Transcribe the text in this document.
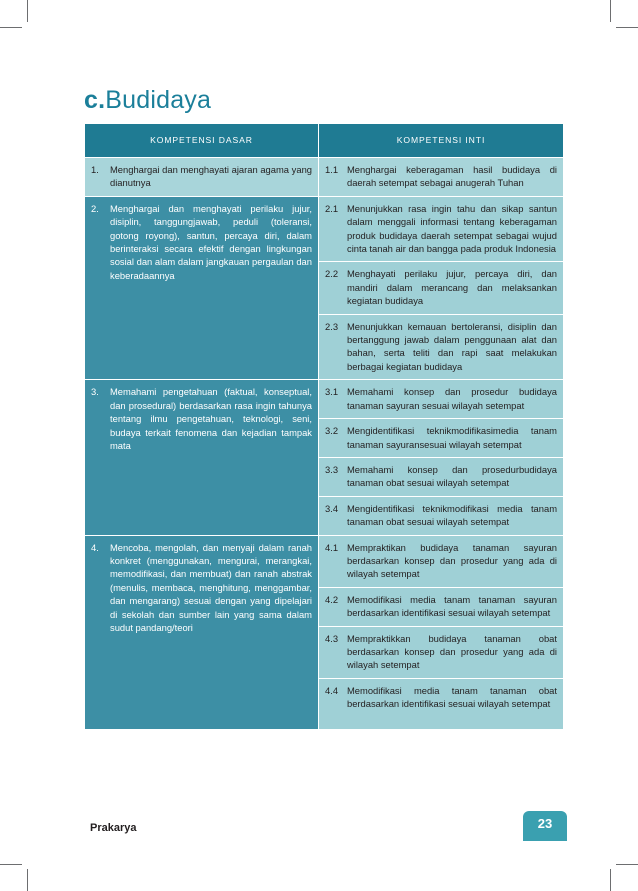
c.Budidaya
KOMPETENSI DASAR	KOMPETENSI INTI

1. Menghargai dan menghayati ajaran agama yang dianutnya	1.1 Menghargai keberagaman hasil budidaya di daerah setempat sebagai anugerah Tuhan

2. Menghargai dan menghayati perilaku jujur, disiplin, tanggungjawab, peduli (toleransi, gotong royong), santun, percaya diri, dalam berinteraksi secara efektif dengan lingkungan sosial dan alam dalam jangkauan pergaulan dan keberadaannya	2.1 Menunjukkan rasa ingin tahu dan sikap santun dalam menggali informasi tentang keberagaman produk budidaya daerah setempat sebagai wujud cinta tanah air dan bangga pada produk Indonesia

	2.2 Menghayati perilaku jujur, percaya diri, dan mandiri dalam merancang dan melaksankan kegiatan budidaya

	2.3 Menunjukkan kemauan bertoleransi, disiplin dan bertanggung jawab dalam penggunaan alat dan bahan, serta teliti dan rapi saat melakukan berbagai kegiatan budidaya

3. Memahami pengetahuan (faktual, konseptual, dan prosedural) berdasarkan rasa ingin tahunya tentang ilmu pengetahuan, teknologi, seni, budaya terkait fenomena dan kejadian tampak mata	3.1 Memahami konsep dan prosedur budidaya tanaman sayuran sesuai wilayah setempat

	3.2 Mengidentifikasi teknikmodifikasimedia tanam tanaman sayuransesuai wilayah setempat

	3.3 Memahami konsep dan prosedurbudidaya tanaman obat sesuai wilayah setempat

	3.4 Mengidentifikasi teknikmodifikasi media tanam tanaman obat sesuai wilayah setempat

4. Mencoba, mengolah, dan menyaji dalam ranah konkret (menggunakan, mengurai, merangkai, memodifikasi, dan membuat) dan ranah abstrak (menulis, membaca, menghitung, menggambar, dan mengarang) sesuai dengan yang dipelajari di sekolah dan sumber lain yang sama dalam sudut pandang/teori	4.1 Mempraktikan budidaya tanaman sayuran berdasarkan konsep dan prosedur yang ada di wilayah setempat

	4.2 Memodifikasi media tanam tanaman sayuran berdasarkan identifikasi sesuai wilayah setempat

	4.3 Mempraktikkan budidaya tanaman obat berdasarkan konsep dan prosedur yang ada di wilayah setempat

	4.4 Memodifikasi media tanam tanaman obat berdasarkan identifikasi sesuai wilayah setempat
Prakarya	23
